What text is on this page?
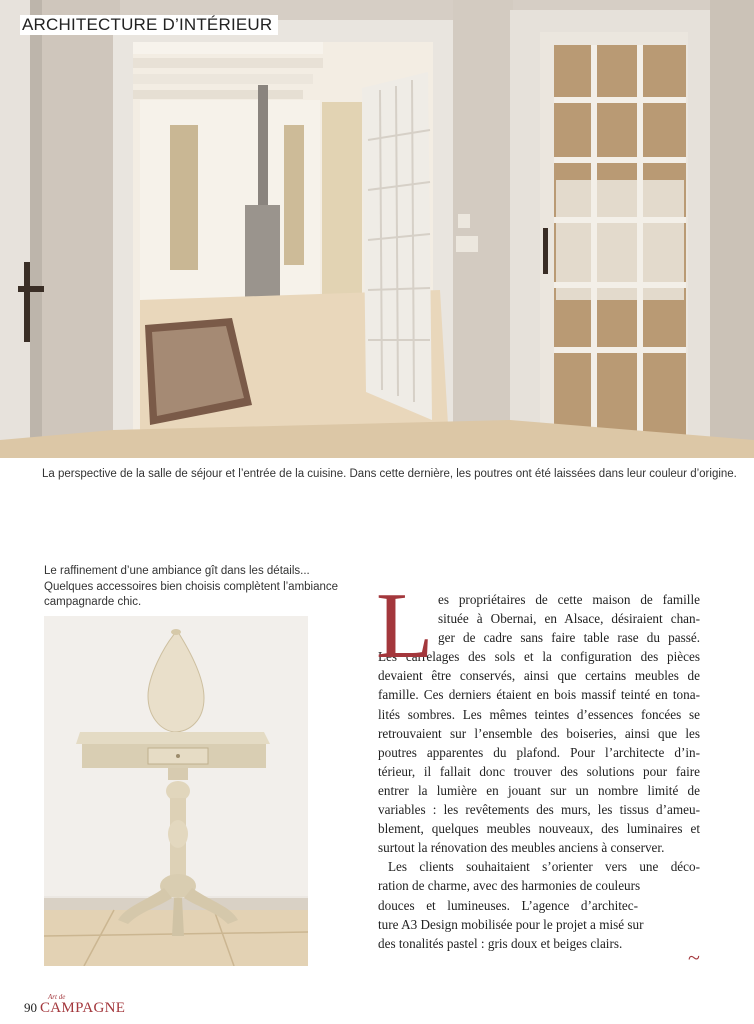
ARCHITECTURE D’INTÉRIEUR
La perspective de la salle de séjour et l’entrée de la cuisine. Dans cette dernière, les poutres ont été laissées dans leur couleur d’origine.
Le raffinement d’une ambiance gît dans les détails...
Quelques accessoires bien choisis complètent l’ambiance
campagnarde chic.	L es propriétaires de cette maison de famille
située à Obernai, en Alsace, désiraient chan-
ger de cadre sans faire table rase du passé.
Les carrelages des sols et la configuration des pièces
devaient être conservés, ainsi que certains meubles de
famille. Ces derniers étaient en bois massif teinté en tona-
lités sombres. Les mêmes teintes d’essences foncées se
retrouvaient sur l’ensemble des boiseries, ainsi que les
poutres apparentes du plafond. Pour l’architecte d’in-
térieur, il fallait donc trouver des solutions pour faire
entrer la lumière en jouant sur un nombre limité de
variables : les revêtements des murs, les tissus d’ameu-
blement, quelques meubles nouveaux, des luminaires et
surtout la rénovation des meubles anciens à conserver.

Les clients souhaitaient s’orienter vers une déco-
ration de charme, avec des harmonies de couleurs
douces et lumineuses. L’agence d’architec-
ture A3 Design mobilisée pour le projet a misé sur
des tonalités pastel : gris doux et beiges clairs.

~
90
Art de
CAMPAGNE
